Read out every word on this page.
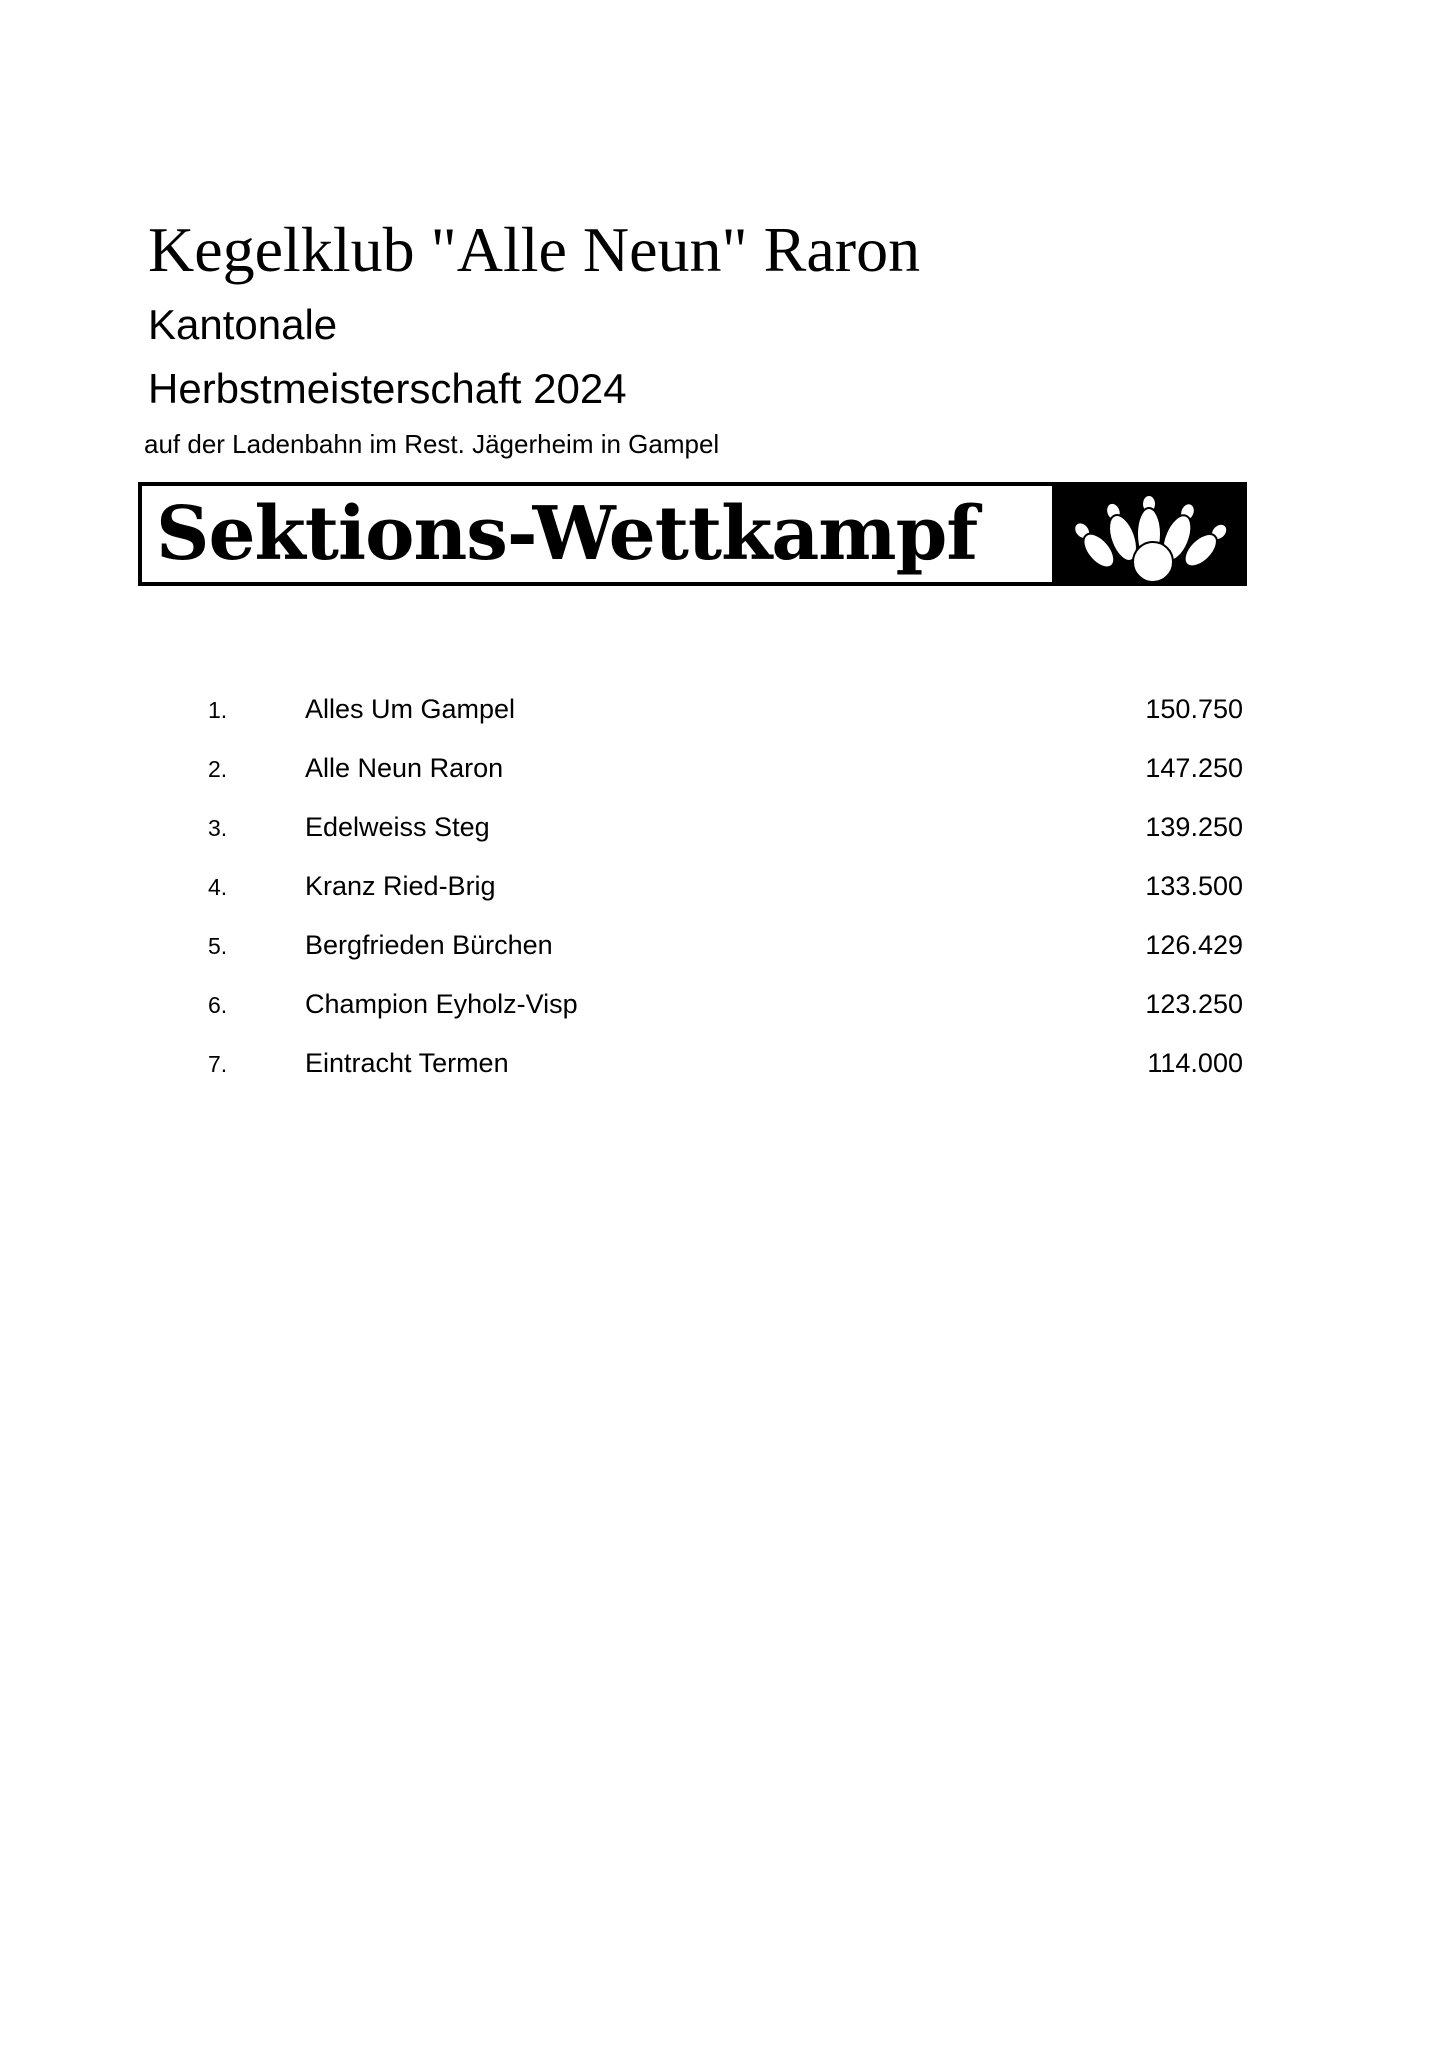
Kegelklub "Alle Neun" Raron
Kantonale
Herbstmeisterschaft 2024
auf der Ladenbahn im Rest. Jägerheim in Gampel
Sektions-Wettkampf
1.	Alles Um Gampel	150.750
2.	Alle Neun Raron	147.250
3.	Edelweiss Steg	139.250
4.	Kranz Ried-Brig	133.500
5.	Bergfrieden Bürchen	126.429
6.	Champion Eyholz-Visp	123.250
7.	Eintracht Termen	114.000
